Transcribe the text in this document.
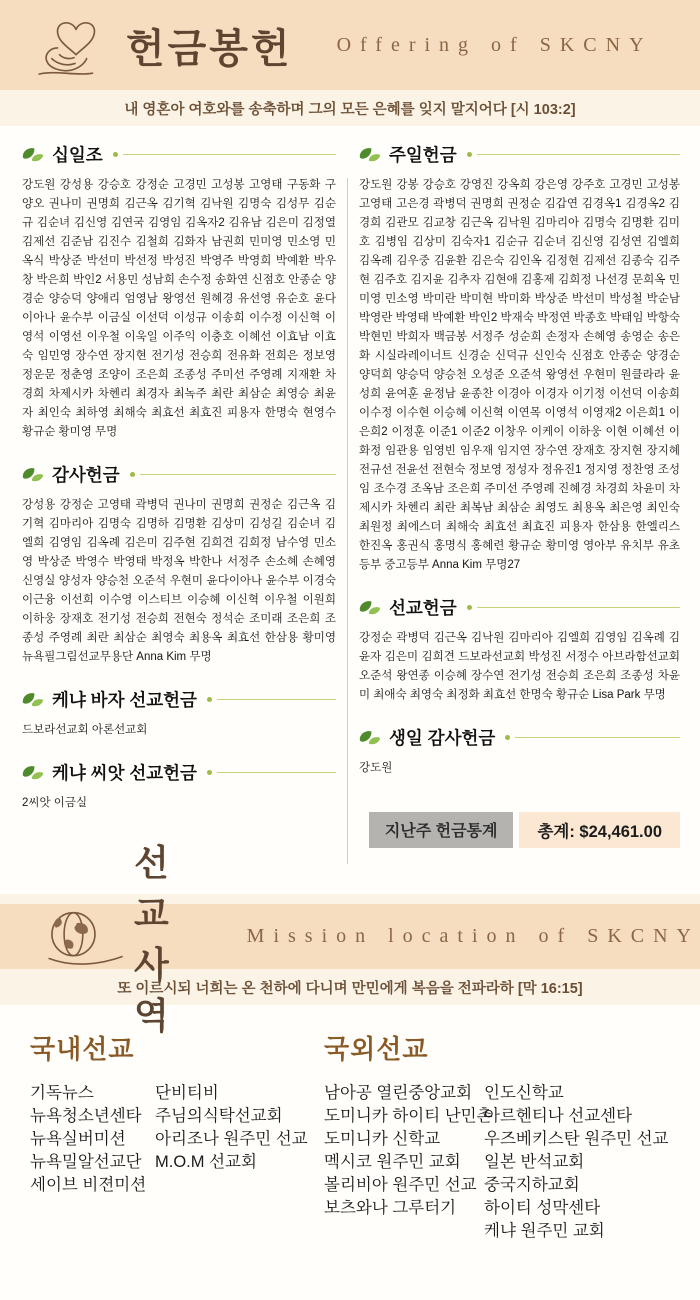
헌금봉헌 Offering of SKCNY
내 영혼아 여호와를 송축하며 그의 모든 은혜를 잊지 말지어다 [시 103:2]
십일조

강도원 강성용 강승호 강정순 고경민 고성봉 고영태 구동화 구양오 권나미 권명희 김근옥 김기혁 김낙원 김명숙 김성무 김순규 김순녀 김신영 김연국 김영임 김옥자2 김유남 김은미 김정열 김제선 김준남 김진수 김철희 김화자 남권희 민미영 민소영 민옥식 박상준 박선미 박선정 박성진 박영주 박영희 박예환 박우창 박은희 박인2 서용민 성남희 손수정 송화연 신점호 안종순 양경순 양승덕 양애리 엄영남 왕영선 원혜경 유선영 유순호 윤다이아나 윤수부 이금실 이선덕 이성규 이송희 이수정 이신혁 이영석 이영선 이우철 이욱일 이주익 이충호 이혜선 이효남 이효숙 임민영 장수연 장지현 전기성 전승희 전유화 전희은 정보영 정운문 정춘영 조양이 조은희 조종성 주미선 주영례 지재환 차경희 차제시카 차헨리 최경자 최녹주 최란 최삼순 최영승 최윤자 최인숙 최하영 최해숙 최효선 최효진 피용자 한명숙 현영수 황규순 황미영 무명

감사헌금

강성용 강정순 고영태 곽병덕 권나미 권명희 권정순 김근옥 김기혁 김마리아 김명숙 김명하 김명환 김상미 김성길 김순녀 김엘희 김영임 김옥례 김은미 김주현 김희견 김희정 남수영 민소영 박상준 박영수 박영태 박정옥 박한나 서정주 손소혜 손혜영 신영실 양성자 양승천 오준석 우현미 윤다이아나 윤수부 이경숙 이근융 이선희 이수영 이스티브 이승혜 이신혁 이우철 이원희 이하웅 장재호 전기성 전승희 전현숙 정석순 조미래 조은희 조종성 주영례 최란 최삼순 최영숙 최용옥 최효선 한삼용 황미영 뉴욕필그림선교무용단 Anna Kim 무명

케냐 바자 선교헌금

드보라선교회 아론선교회

케냐 씨앗 선교헌금

2씨앗 이금실

주일헌금

강도원 강봉 강승호 강영진 강옥희 강은영 강주호 고경민 고성봉 고영태 고은경 곽병덕 권명희 권정순 김갑연 김경옥1 김경옥2 김경희 김관모 김교창 김근옥 김낙원 김마리아 김명숙 김명환 김미호 김병임 김상미 김숙자1 김순규 김순녀 김신영 김성연 김엘희 김옥례 김우중 김윤환 김은숙 김인옥 김정현 김제선 김종숙 김주현 김주호 김지윤 김추자 김현애 김홍제 김희정 나선경 문희옥 민미영 민소영 박미란 박미현 박미화 박상준 박선미 박성철 박순남 박영란 박영태 박예환 박인2 박재숙 박정연 박종호 박태임 박항숙 박현민 박희자 백금봉 서정주 성순희 손정자 손혜영 송영순 송은화 시실라레이너트 신경순 신덕규 신인숙 신점호 안종순 양경순 양덕희 양승덕 양승천 오성준 오준석 왕영선 우현미 원클라라 윤성희 윤여훈 윤정남 윤종찬 이경아 이경자 이기정 이선덕 이송희 이수정 이수현 이승혜 이신혁 이연목 이영석 이영재2 이은희1 이은희2 이정훈 이준1 이준2 이창우 이케이 이하웅 이현 이혜선 이화정 임관용 임영빈 임우재 임지연 장수연 장재호 장지현 장지혜 전규선 전윤선 전현숙 정보영 정성자 정유진1 정지영 정찬영 조성임 조수경 조옥남 조은희 주미선 주영례 진혜경 차경희 차윤미 차제시카 차헨리 최란 최복남 최삼순 최영도 최용옥 최은영 최인숙 최원정 최에스더 최해숙 최효선 최효진 피용자 한삼용 한엘리스 한진옥 홍권식 홍명식 홍혜련 황규순 황미영 영아부 유치부 유초등부 중고등부 Anna Kim 무명27

선교헌금

강정순 곽병덕 김근옥 김낙원 김마리아 김엘희 김영임 김옥례 김윤자 김은미 김희견 드보라선교회 박성진 서정수 아브라함선교회 오준석 왕연종 이승혜 장수연 전기성 전승희 조은희 조종성 차윤미 최애숙 최영숙 최정화 최효선 한명숙 황규순 Lisa Park 무명

생일 감사헌금

강도원

지난주 헌금통계	총계: $24,461.00
선교사역
Mission location of SKCNY
또 이르시되 너희는 온 천하에 다니며 만민에게 복음을 전파라하 [막 16:15]
국내선교
기독뉴스
뉴욕청소년센타
뉴욕실버미션
뉴욕밀알선교단
세이브 비젼미션
단비티비
주님의식탁선교회
아리조나 원주민 선교
M.O.M 선교회
국외선교
남아공 열린중앙교회
도미니카 하이티 난민촌
도미니카 신학교
멕시코 원주민 교회
볼리비아 원주민 선교
보츠와나 그루터기
인도신학교
아르헨티나 선교센타
우즈베키스탄 원주민 선교
일본 반석교회
중국지하교회
하이티 성막센타
케냐 원주민 교회
